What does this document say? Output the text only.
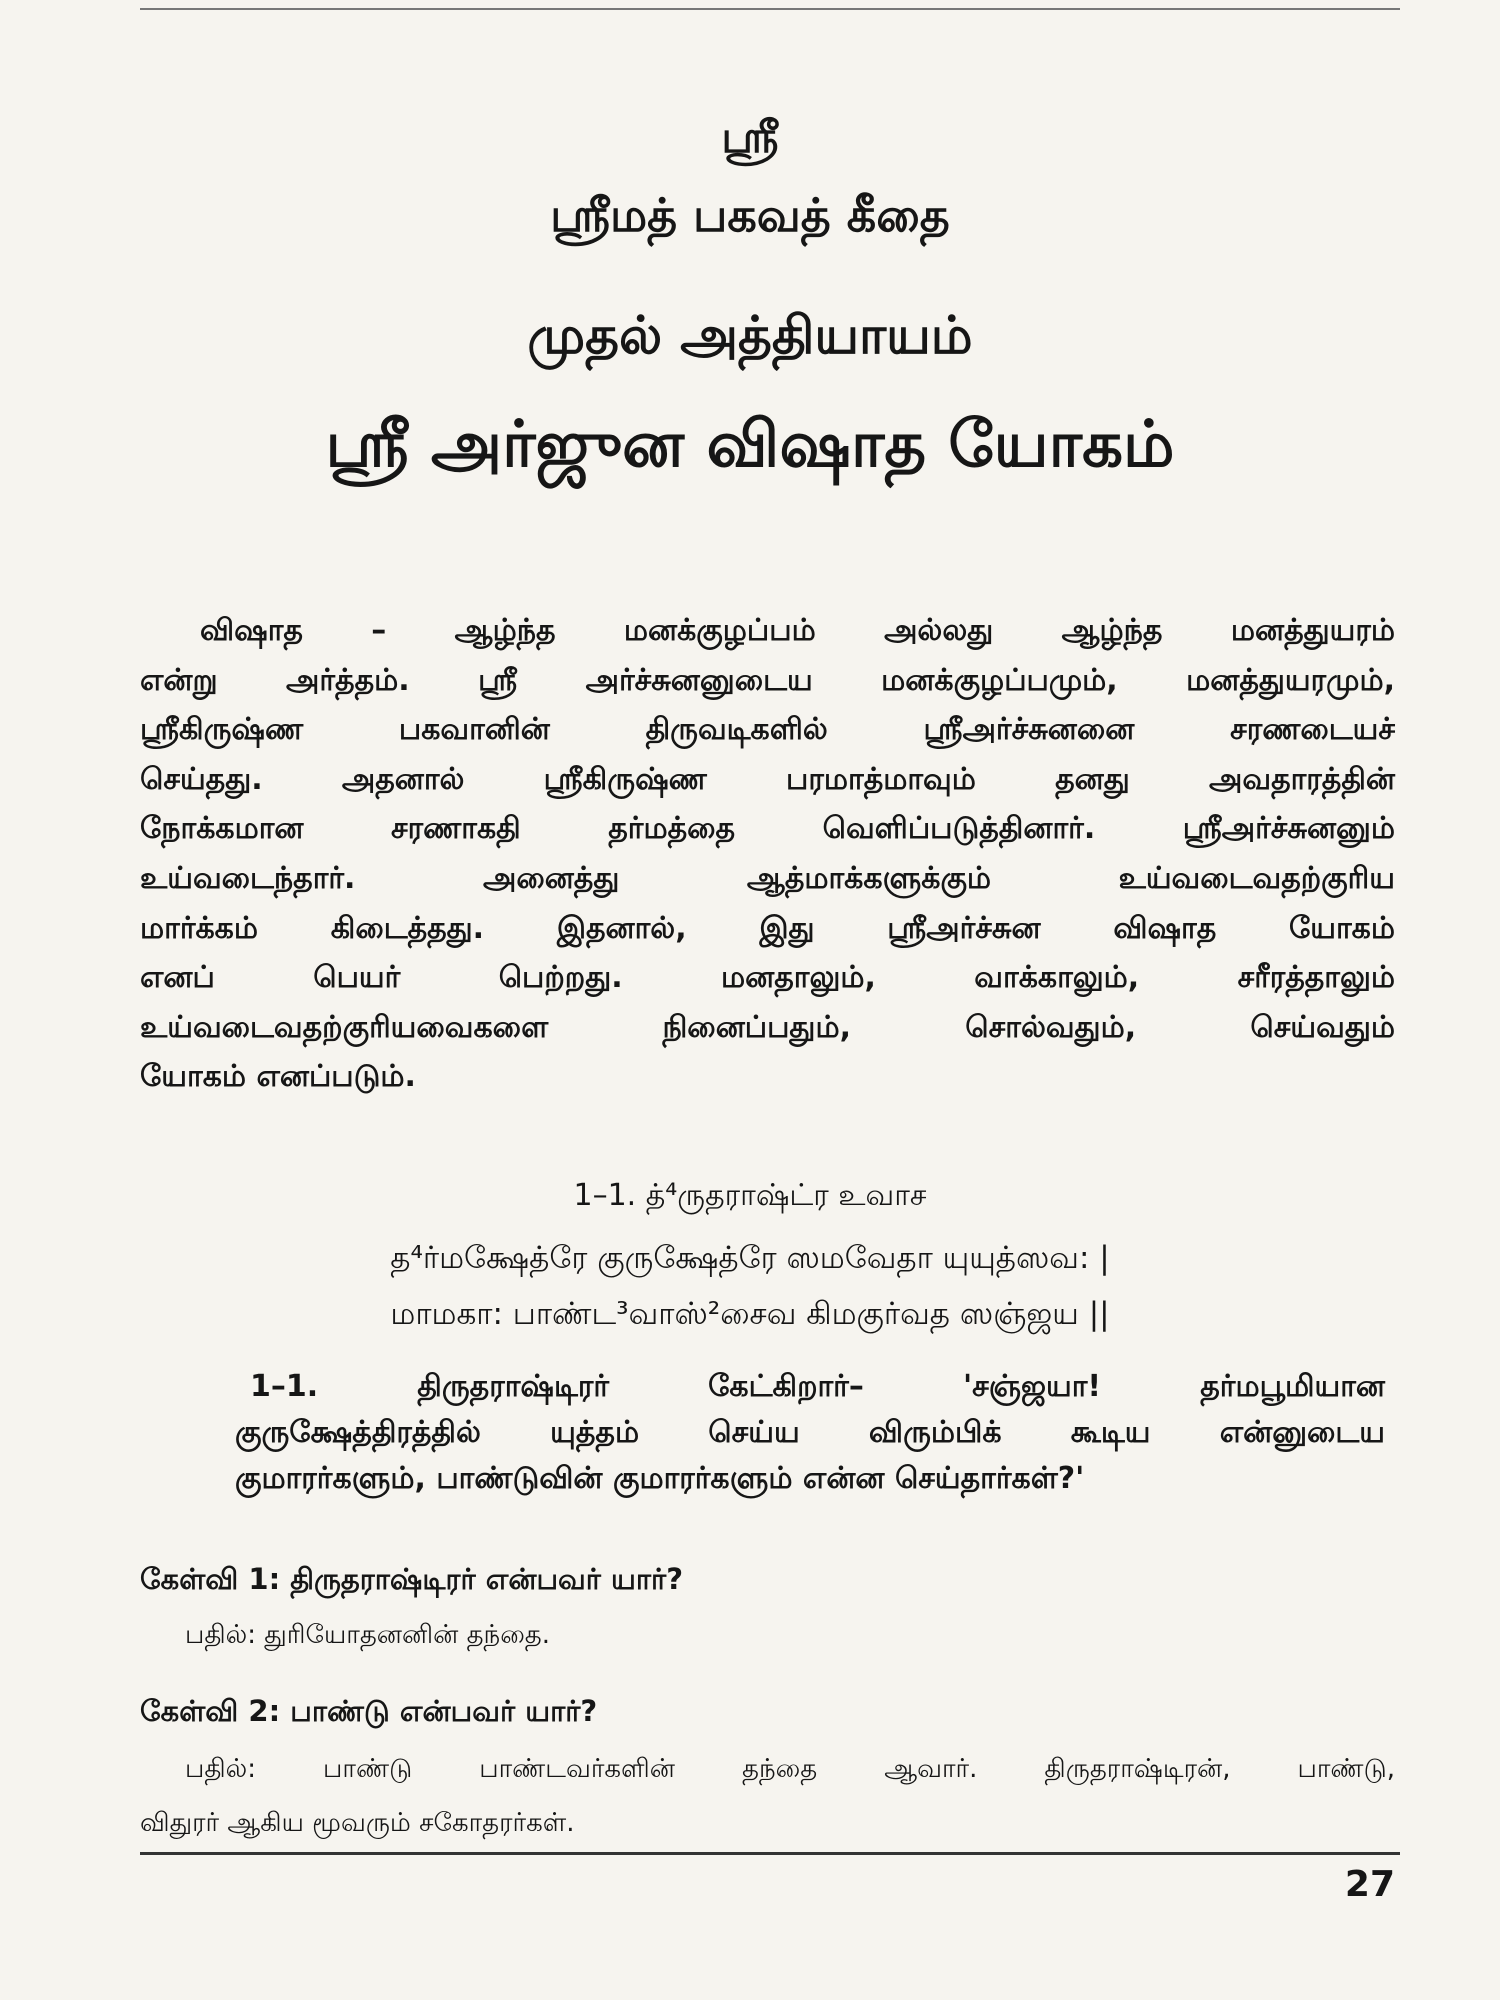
ஸ்ரீ
ஸ்ரீமத் பகவத் கீதை
முதல் அத்தியாயம்
ஸ்ரீ அர்ஜுன விஷாத யோகம்

விஷாத – ஆழ்ந்த மனக்குழப்பம் அல்லது ஆழ்ந்த மனத்துயரம்
என்று அர்த்தம். ஸ்ரீ அர்ச்சுனனுடைய மனக்குழப்பமும், மனத்துயரமும்,
ஸ்ரீகிருஷ்ண பகவானின் திருவடிகளில் ஸ்ரீஅர்ச்சுனனை சரணடையச்
செய்தது. அதனால் ஸ்ரீகிருஷ்ண பரமாத்மாவும் தனது அவதாரத்தின்
நோக்கமான சரணாகதி தர்மத்தை வெளிப்படுத்தினார். ஸ்ரீஅர்ச்சுனனும்
உய்வடைந்தார். அனைத்து ஆத்மாக்களுக்கும் உய்வடைவதற்குரிய
மார்க்கம் கிடைத்தது. இதனால், இது ஸ்ரீஅர்ச்சுன விஷாத யோகம்
எனப் பெயர் பெற்றது. மனதாலும், வாக்காலும், சரீரத்தாலும்
உய்வடைவதற்குரியவைகளை நினைப்பதும், சொல்வதும், செய்வதும்
யோகம் எனப்படும்.

1–1. த்⁴ருதராஷ்ட்ர உவாச
த⁴ர்மக்ஷேத்ரே குருக்ஷேத்ரே ஸமவேதா யுயுத்ஸவ: |
மாமகா: பாண்ட³வாஸ்²சைவ கிமகுர்வத ஸஞ்ஜய ||

1–1. திருதராஷ்டிரர் கேட்கிறார்– 'சஞ்ஜயா! தர்மபூமியான
குருக்ஷேத்திரத்தில் யுத்தம் செய்ய விரும்பிக் கூடிய என்னுடைய
குமாரர்களும், பாண்டுவின் குமாரர்களும் என்ன செய்தார்கள்?'

கேள்வி 1: திருதராஷ்டிரர் என்பவர் யார்?
பதில்: துரியோதனனின் தந்தை.
கேள்வி 2: பாண்டு என்பவர் யார்?
பதில்: பாண்டு பாண்டவர்களின் தந்தை ஆவார். திருதராஷ்டிரன், பாண்டு,
விதுரர் ஆகிய மூவரும் சகோதரர்கள்.
27
